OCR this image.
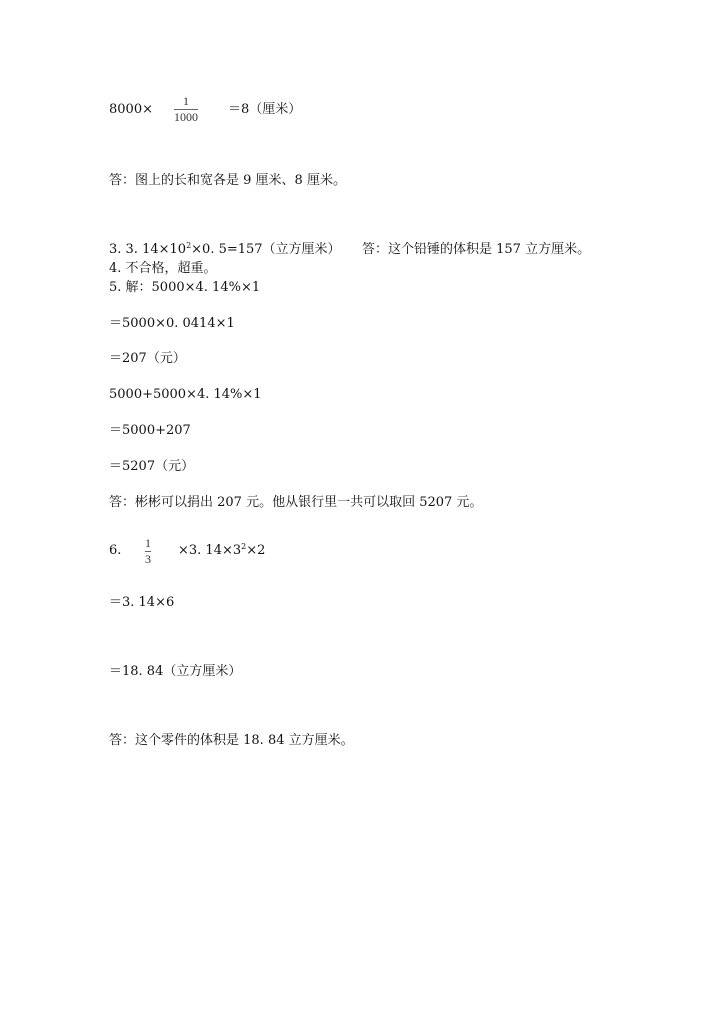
8000×
1
1000 ＝8（厘米）
答：图上的长和宽各是 9 厘米、8 厘米。
3. 3. $14\times 10^2\times 0$. 5=157（立方厘米） 答：这个铅锤的体积是 157 立方厘米。
4. 不合格，超重。
5. 解：5000×4. 14%×1
＝5000×0. 0414×1
＝207（元）
5000+5000×4. 14%×1
＝5000+207
＝5207（元）
答：彬彬可以捐出 207 元。他从银行里一共可以取回 5207 元。
6. 1
3
×3. $14\times 3^2\times 2$
＝3. 14×6
＝18. 84（立方厘米）
答：这个零件的体积是 18. 84 立方厘米。
